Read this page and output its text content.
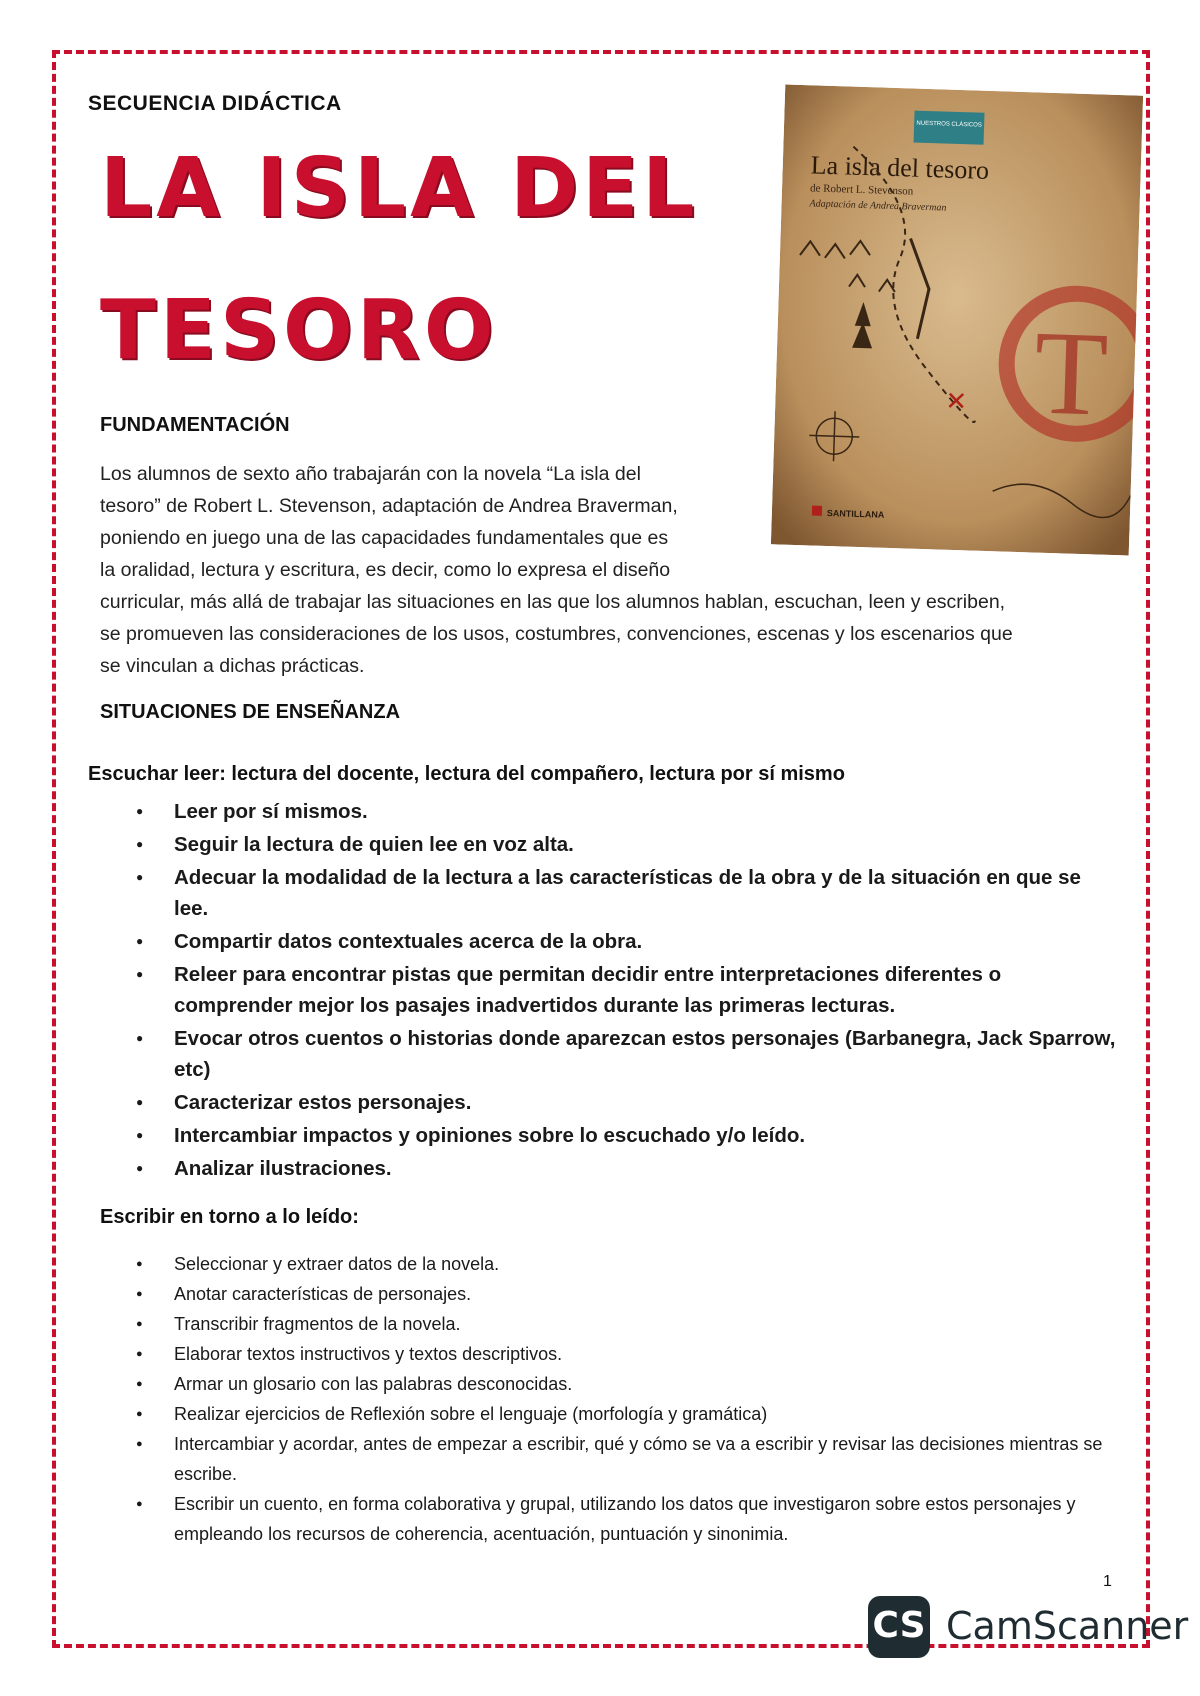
SECUENCIA DIDÁCTICA
LA ISLA DEL
TESORO
NUESTROS CLÁSICOS
La isla del tesoro
de Robert L. Stevenson
Adaptación de Andrea Braverman
✕ T
SANTILLANA
FUNDAMENTACIÓN

Los alumnos de sexto año trabajarán con la novela “La isla del

tesoro” de Robert L. Stevenson, adaptación de Andrea Braverman,

poniendo en juego una de las capacidades fundamentales que es

la oralidad, lectura y escritura, es decir, como lo expresa el diseño

curricular, más allá de trabajar las situaciones en las que los alumnos hablan, escuchan, leen y escriben,

se promueven las consideraciones de los usos, costumbres, convenciones, escenas y los escenarios que

se vinculan a dichas prácticas.

SITUACIONES DE ENSEÑANZA
Escuchar leer: lectura del docente, lectura del compañero, lectura por sí mismo
● Leer por sí mismos.
● Seguir la lectura de quien lee en voz alta.
● Adecuar la modalidad de la lectura a las características de la obra y de la situación en que se lee.
● Compartir datos contextuales acerca de la obra.
● Releer para encontrar pistas que permitan decidir entre interpretaciones diferentes o comprender mejor los pasajes inadvertidos durante las primeras lecturas.
● Evocar otros cuentos o historias donde aparezcan estos personajes (Barbanegra, Jack Sparrow, etc)
● Caracterizar estos personajes.
● Intercambiar impactos y opiniones sobre lo escuchado y/o leído.
● Analizar ilustraciones.
Escribir en torno a lo leído:
● Seleccionar y extraer datos de la novela.
● Anotar características de personajes.
● Transcribir fragmentos de la novela.
● Elaborar textos instructivos y textos descriptivos.
● Armar un glosario con las palabras desconocidas.
● Realizar ejercicios de Reflexión sobre el lenguaje (morfología y gramática)
● Intercambiar y acordar, antes de empezar a escribir, qué y cómo se va a escribir y revisar las decisiones mientras se escribe.
● Escribir un cuento, en forma colaborativa y grupal, utilizando los datos que investigaron sobre estos personajes y empleando los recursos de coherencia, acentuación, puntuación y sinonimia.
1
CS CamScanner
